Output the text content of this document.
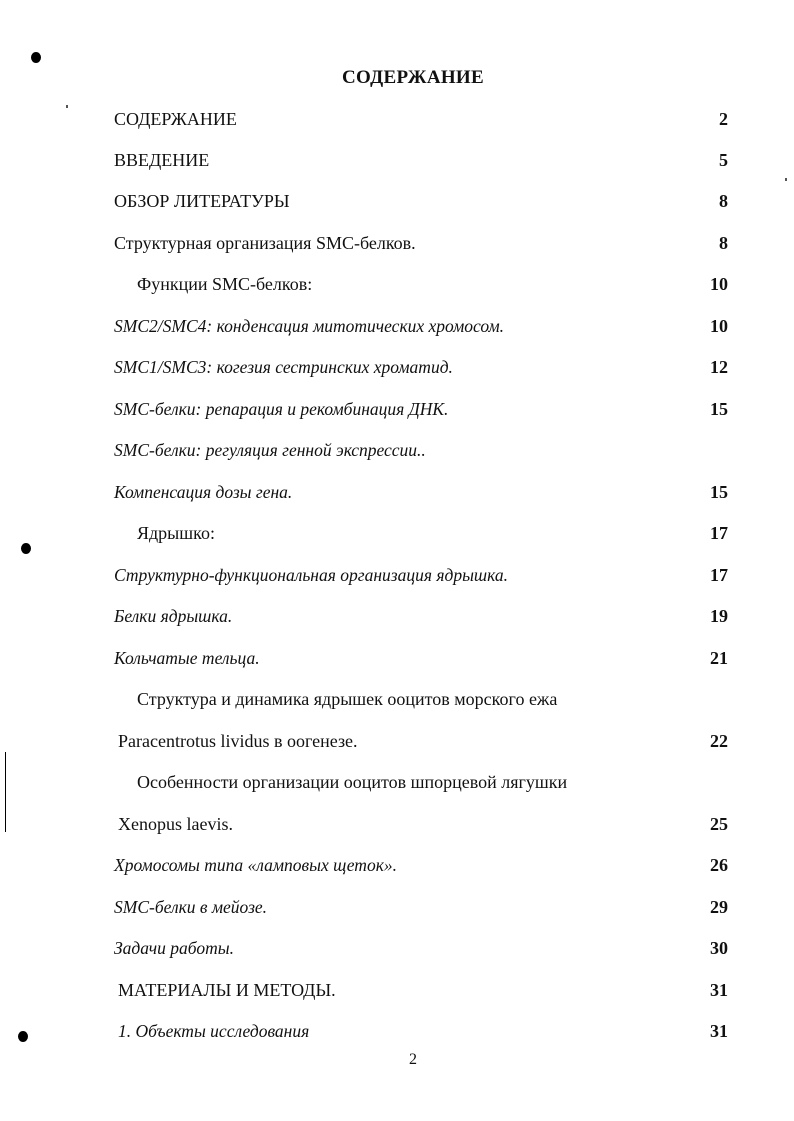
СОДЕРЖАНИЕ
СОДЕРЖАНИЕ	2
ВВЕДЕНИЕ	5
ОБЗОР ЛИТЕРАТУРЫ	8
Структурная организация SMC-белков.	8
Функции SMC-белков:	10
SMC2/SMC4: конденсация митотических хромосом.	10
SMC1/SMC3: когезия сестринских хроматид.	12
SMC-белки: репарация и рекомбинация ДНК.	15
SMC-белки: регуляция генной экспрессии..
Компенсация дозы гена.	15
Ядрышко:	17
Структурно-функциональная организация ядрышка.	17
Белки ядрышка.	19
Кольчатые тельца.	21
Структура и динамика ядрышек ооцитов морского ежа
Paracentrotus lividus в оогенезе.	22
Особенности организации ооцитов шпорцевой лягушки
Xenopus laevis.	25
Хромосомы типа «ламповых щеток».	26
SMC-белки в мейозе.	29
Задачи работы.	30
МАТЕРИАЛЫ И МЕТОДЫ.	31
1. Объекты исследования	31
2
